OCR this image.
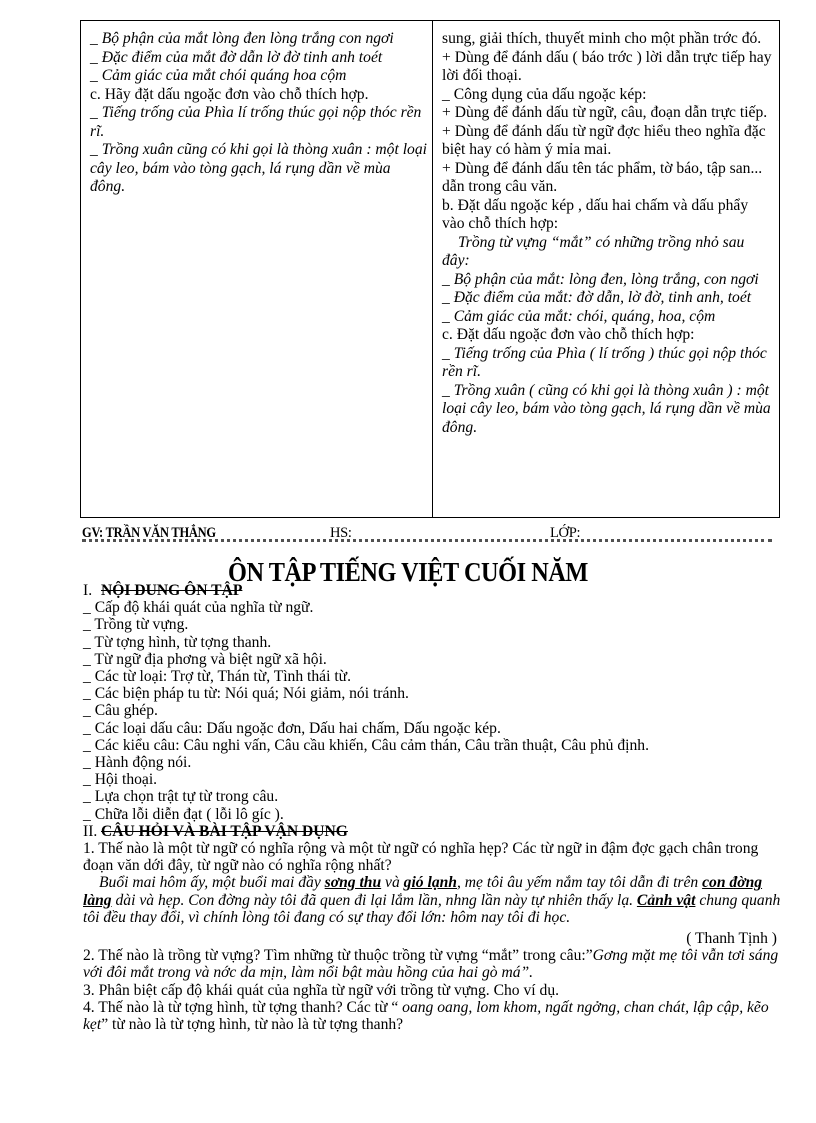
_ Bộ phận của mắt lòng đen lòng trắng con ngơi

_ Đặc điểm của mắt đờ dẫn lờ đờ tinh anh toét

_ Cảm giác của mắt chói quáng hoa cộm

c. Hãy đặt dấu ngoặc đơn vào chỗ thích hợp.

_ Tiếng trống của Phìa lí trống thúc gọi nộp thóc rền rĩ.

_ Trồng xuân cũng có khi gọi là thòng xuân : một loại cây leo, bám vào tòng gạch, lá rụng dần về mùa đông.

sung, giải thích, thuyết minh cho một phần trớc đó.

+ Dùng để đánh dấu ( báo trớc ) lời dẫn trực tiếp hay lời đối thoại.

_ Công dụng của dấu ngoặc kép:

+ Dùng để đánh dấu từ ngữ, câu, đoạn dẫn trực tiếp.

+ Dùng để đánh dấu từ ngữ đợc hiểu theo nghĩa đặc biệt hay có hàm ý mỉa mai.

+ Dùng để đánh dấu tên tác phẩm, tờ báo, tập san... dẫn trong câu văn.

b. Đặt dấu ngoặc kép , dấu hai chấm và dấu phẩy vào chỗ thích hợp:

Trồng từ vựng “mắt” có những trồng nhỏ sau đây:

_ Bộ phận của mắt: lòng đen, lòng trắng, con ngơi

_ Đặc điểm của mắt: đờ dẫn, lờ đờ, tinh anh, toét

_ Cảm giác của mắt: chói, quáng, hoa, cộm

c. Đặt dấu ngoặc đơn vào chỗ thích hợp:

_ Tiếng trống của Phìa ( lí trống ) thúc gọi nộp thóc rền rĩ.

_ Trồng xuân ( cũng có khi gọi là thòng xuân ) : một loại cây leo, bám vào tòng gạch, lá rụng dần về mùa đông.

GV: TRẦN VĂN THẮNG	HS:	LỚP:
ÔN TẬP TIẾNG VIỆT CUỐI NĂM

I. NỘI DUNG ÔN TẬP

_ Cấp độ khái quát của nghĩa từ ngữ.

_ Trồng từ vựng.

_ Từ tợng hình, từ tợng thanh.

_ Từ ngữ địa phơng và biệt ngữ xã hội.

_ Các từ loại: Trợ từ, Thán từ, Tình thái từ.

_ Các biện pháp tu từ: Nói quá; Nói giảm, nói tránh.

_ Câu ghép.

_ Các loại dấu câu: Dấu ngoặc đơn, Dấu hai chấm, Dấu ngoặc kép.

_ Các kiểu câu: Câu nghi vấn, Câu cầu khiến, Câu cảm thán, Câu trần thuật, Câu phủ định.

_ Hành động nói.

_ Hội thoại.

_ Lựa chọn trật tự từ trong câu.

_ Chữa lỗi diễn đạt ( lỗi lô gíc ).

II. CÂU HỎI VÀ BÀI TẬP VẬN DỤNG

1. Thế nào là một từ ngữ có nghĩa rộng và một từ ngữ có nghĩa hẹp? Các từ ngữ in đậm đợc gạch chân trong đoạn văn dới đây, từ ngữ nào có nghĩa rộng nhất?

Buổi mai hôm ấy, một buổi mai đầy sơng thu và gió lạnh, mẹ tôi âu yếm nắm tay tôi dẫn đi trên con đờng làng dài và hẹp. Con đờng này tôi đã quen đi lại lắm lần, nhng lần này tự nhiên thấy lạ. Cảnh vật chung quanh tôi đều thay đổi, vì chính lòng tôi đang có sự thay đổi lớn: hôm nay tôi đi học.

( Thanh Tịnh )

2. Thế nào là trồng từ vựng? Tìm những từ thuộc trồng từ vựng “mắt” trong câu:”Gơng mặt mẹ tôi vẫn tơi sáng với đôi mắt trong và nớc da mịn, làm nổi bật màu hồng của hai gò má”.

3. Phân biệt cấp độ khái quát của nghĩa từ ngữ với trồng từ vựng. Cho ví dụ.

4. Thế nào là từ tợng hình, từ tợng thanh? Các từ “ oang oang, lom khom, ngất ngởng, chan chát, lập cập, kẽo kẹt” từ nào là từ tợng hình, từ nào là từ tợng thanh?
